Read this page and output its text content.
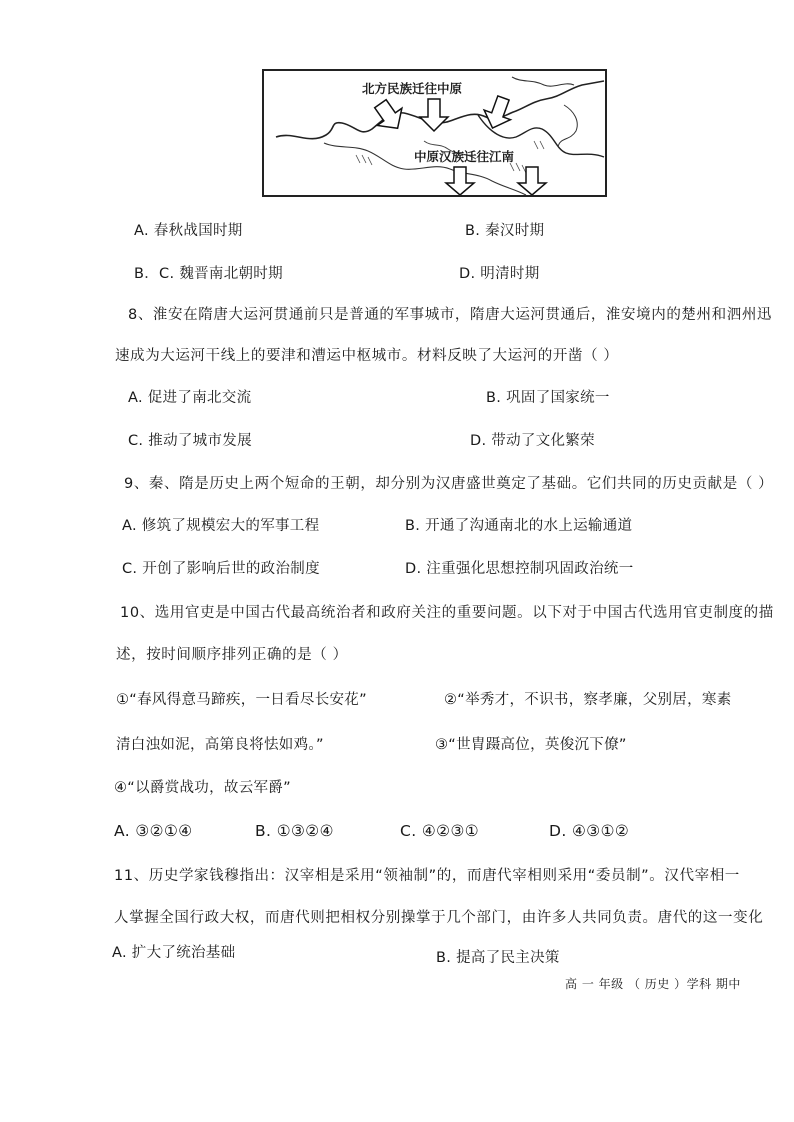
北方民族迁往中原
中原汉族迁往江南
A. 春秋战国时期	B. 秦汉时期
B．C. 魏晋南北朝时期	D. 明清时期
8、淮安在隋唐大运河贯通前只是普通的军事城市，隋唐大运河贯通后，淮安境内的楚州和泗州迅
速成为大运河干线上的要津和漕运中枢城市。材料反映了大运河的开凿（ ）
A. 促进了南北交流	B. 巩固了国家统一
C. 推动了城市发展	D. 带动了文化繁荣
9、秦、隋是历史上两个短命的王朝，却分别为汉唐盛世奠定了基础。它们共同的历史贡献是（ ）
A. 修筑了规模宏大的军事工程	B. 开通了沟通南北的水上运输通道
C. 开创了影响后世的政治制度	D. 注重强化思想控制巩固政治统一
10、选用官吏是中国古代最高统治者和政府关注的重要问题。以下对于中国古代选用官吏制度的描
述，按时间顺序排列正确的是（ ）
①“春风得意马蹄疾，一日看尽长安花”	②“举秀才，不识书，察孝廉，父别居，寒素
清白浊如泥，高第良将怯如鸡。”	③“世胄蹑高位，英俊沉下僚”
④“以爵赏战功，故云军爵”
A. ③②①④	B. ①③②④	C. ④②③①	D. ④③①②
11、历史学家钱穆指出：汉宰相是采用“领袖制”的，而唐代宰相则采用“委员制”。汉代宰相一
人掌握全国行政大权，而唐代则把相权分别操掌于几个部门，由许多人共同负责。唐代的这一变化
A. 扩大了统治基础	B. 提高了民主决策
高 一 年级 （ 历史 ）学科 期中
